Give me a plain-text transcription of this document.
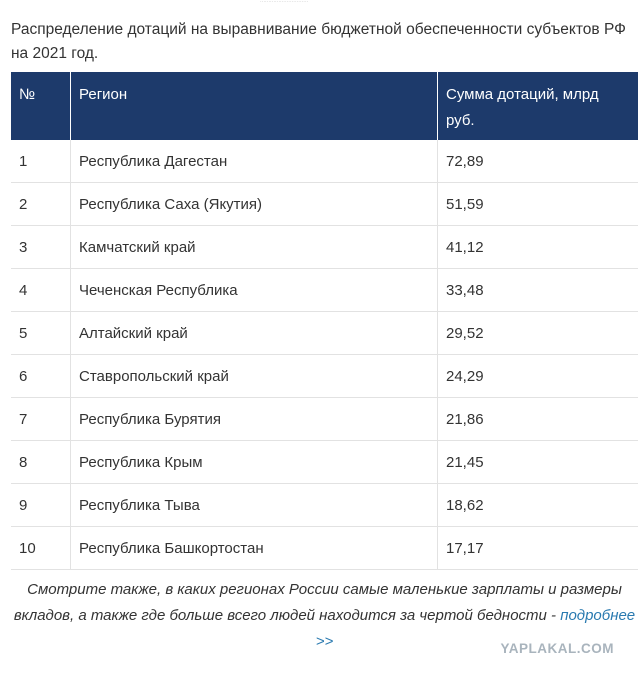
·····························
Распределение дотаций на выравнивание бюджетной обеспеченности субъектов РФ на 2021 год.
№	Регион	Сумма дотаций, млрд руб.
1	Республика Дагестан	72,89
2	Республика Саха (Якутия)	51,59
3	Камчатский край	41,12
4	Чеченская Республика	33,48
5	Алтайский край	29,52
6	Ставропольский край	24,29
7	Республика Бурятия	21,86
8	Республика Крым	21,45
9	Республика Тыва	18,62
10	Республика Башкортостан	17,17
Смотрите также, в каких регионах России самые маленькие зарплаты и размеры вкладов, а также где больше всего людей находится за чертой бедности - подробнее >>	YAPLAKAL.COM
